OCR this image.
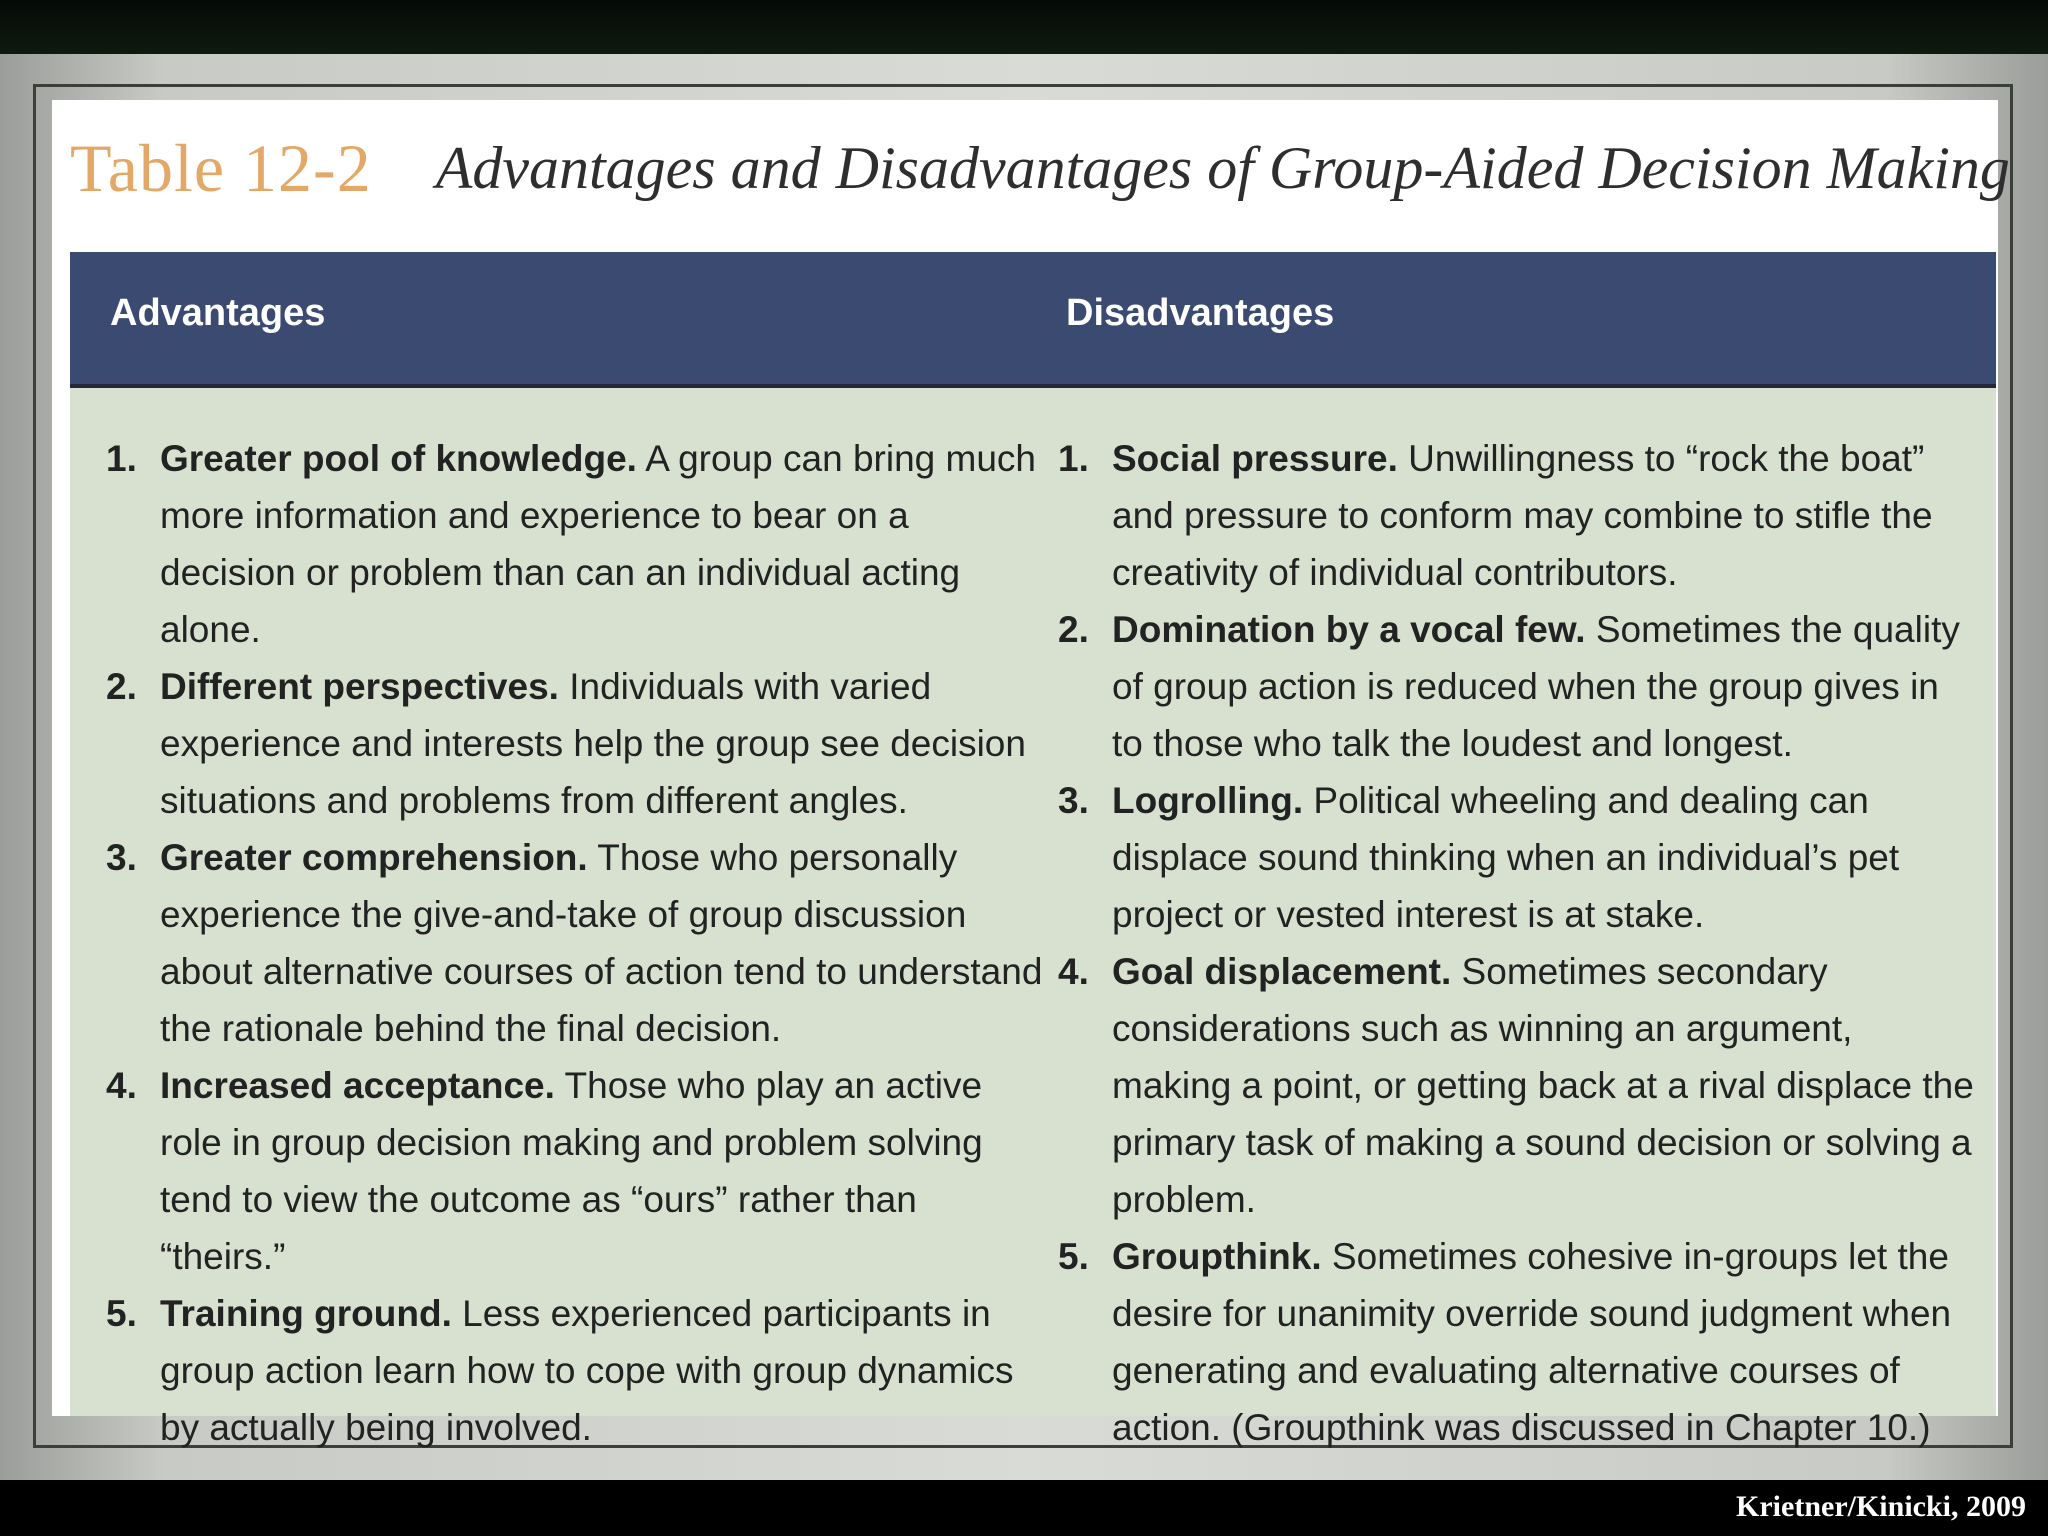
Table 12-2 Advantages and Disadvantages of Group-Aided Decision Making
Advantages	Disadvantages

1. Greater pool of knowledge. A group can bring much more information and experience to bear on a decision or problem than can an individual acting alone.

2. Different perspectives. Individuals with varied experience and interests help the group see decision situations and problems from different angles.

3. Greater comprehension. Those who personally experience the give-and-take of group discussion about alternative courses of action tend to understand the rationale behind the final decision.

4. Increased acceptance. Those who play an active role in group decision making and problem solving tend to view the outcome as “ours” rather than “theirs.”

5. Training ground. Less experienced participants in group action learn how to cope with group dynamics by actually being involved.

1. Social pressure. Unwillingness to “rock the boat” and pressure to conform may combine to stifle the creativity of individual contributors.

2. Domination by a vocal few. Sometimes the quality of group action is reduced when the group gives in to those who talk the loudest and longest.

3. Logrolling. Political wheeling and dealing can displace sound thinking when an individual’s pet project or vested interest is at stake.

4. Goal displacement. Sometimes secondary considerations such as winning an argument, making a point, or getting back at a rival displace the primary task of making a sound decision or solving a problem.

5. Groupthink. Sometimes cohesive in-groups let the desire for unanimity override sound judgment when generating and evaluating alternative courses of action. (Groupthink was discussed in Chapter 10.)

Krietner/Kinicki, 2009
